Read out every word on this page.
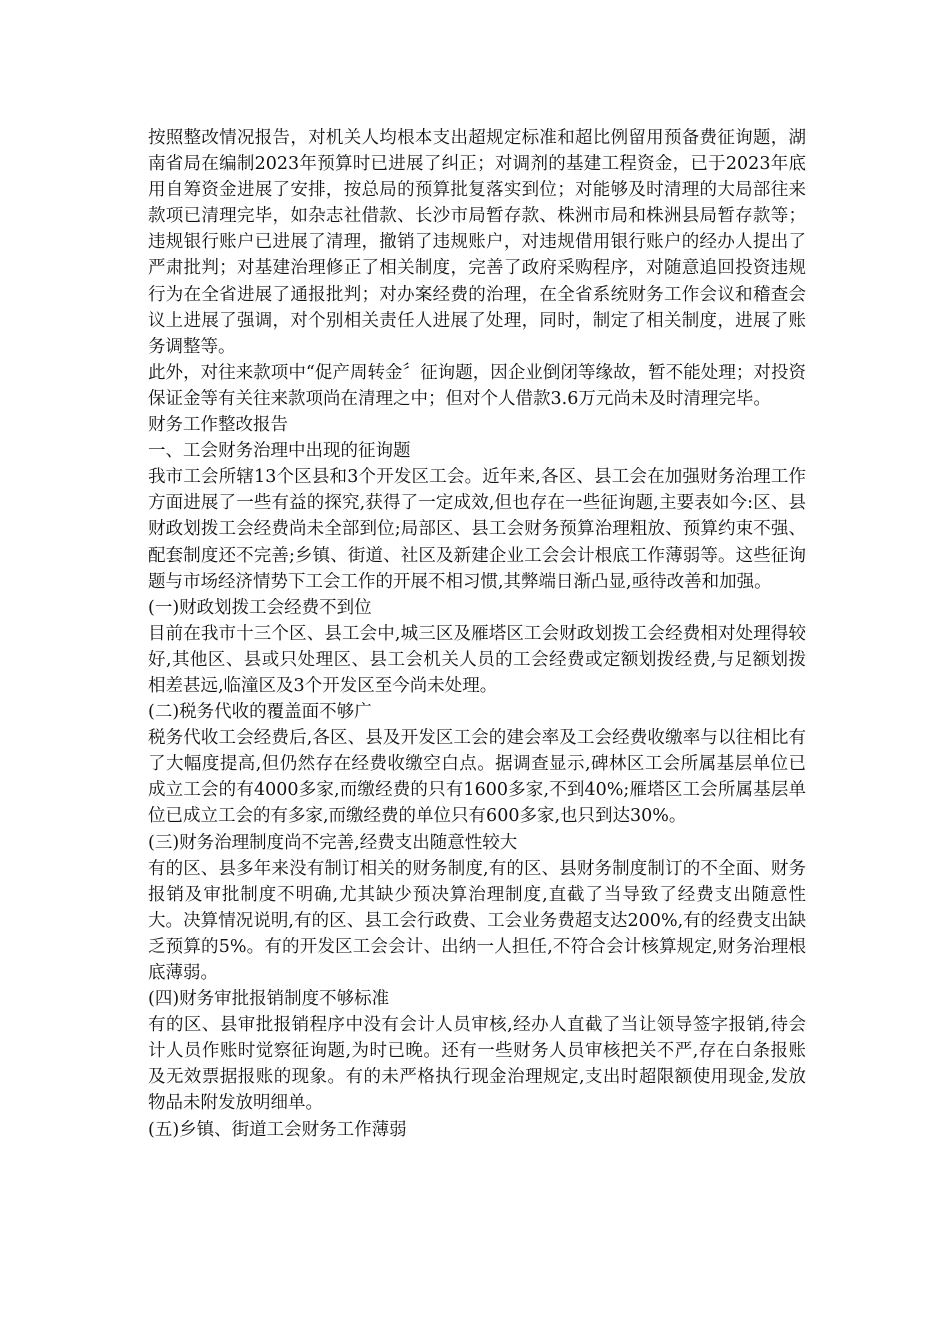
按照整改情况报告，对机关人均根本支出超规定标准和超比例留用预备费征询题，湖南省局在编制2023年预算时已进展了纠正；对调剂的基建工程资金，已于2023年底用自筹资金进展了安排，按总局的预算批复落实到位；对能够及时清理的大局部往来款项已清理完毕，如杂志社借款、长沙市局暂存款、株洲市局和株洲县局暂存款等；违规银行账户已进展了清理，撤销了违规账户，对违规借用银行账户的经办人提出了严肃批判；对基建治理修正了相关制度，完善了政府采购程序，对随意追回投资违规行为在全省进展了通报批判；对办案经费的治理，在全省系统财务工作会议和稽查会议上进展了强调，对个别相关责任人进展了处理，同时，制定了相关制度，进展了账务调整等。

此外，对往来款项中“促产周转金〞征询题，因企业倒闭等缘故，暂不能处理；对投资保证金等有关往来款项尚在清理之中；但对个人借款3.6万元尚未及时清理完毕。

财务工作整改报告

一、工会财务治理中出现的征询题

我市工会所辖13个区县和3个开发区工会。近年来,各区、县工会在加强财务治理工作方面进展了一些有益的探究,获得了一定成效,但也存在一些征询题,主要表如今:区、县财政划拨工会经费尚未全部到位;局部区、县工会财务预算治理粗放、预算约束不强、配套制度还不完善;乡镇、街道、社区及新建企业工会会计根底工作薄弱等。这些征询题与市场经济情势下工会工作的开展不相习惯,其弊端日渐凸显,亟待改善和加强。

(一)财政划拨工会经费不到位

目前在我市十三个区、县工会中,城三区及雁塔区工会财政划拨工会经费相对处理得较好,其他区、县或只处理区、县工会机关人员的工会经费或定额划拨经费,与足额划拨相差甚远,临潼区及3个开发区至今尚未处理。

(二)税务代收的覆盖面不够广

税务代收工会经费后,各区、县及开发区工会的建会率及工会经费收缴率与以往相比有了大幅度提高,但仍然存在经费收缴空白点。据调查显示,碑林区工会所属基层单位已成立工会的有4000多家,而缴经费的只有1600多家,不到40%;雁塔区工会所属基层单位已成立工会的有多家,而缴经费的单位只有600多家,也只到达30%。

(三)财务治理制度尚不完善,经费支出随意性较大

有的区、县多年来没有制订相关的财务制度,有的区、县财务制度制订的不全面、财务报销及审批制度不明确,尤其缺少预决算治理制度,直截了当导致了经费支出随意性大。决算情况说明,有的区、县工会行政费、工会业务费超支达200%,有的经费支出缺乏预算的5%。有的开发区工会会计、出纳一人担任,不符合会计核算规定,财务治理根底薄弱。

(四)财务审批报销制度不够标准

有的区、县审批报销程序中没有会计人员审核,经办人直截了当让领导签字报销,待会计人员作账时觉察征询题,为时已晚。还有一些财务人员审核把关不严,存在白条报账及无效票据报账的现象。有的未严格执行现金治理规定,支出时超限额使用现金,发放物品未附发放明细单。

(五)乡镇、街道工会财务工作薄弱
